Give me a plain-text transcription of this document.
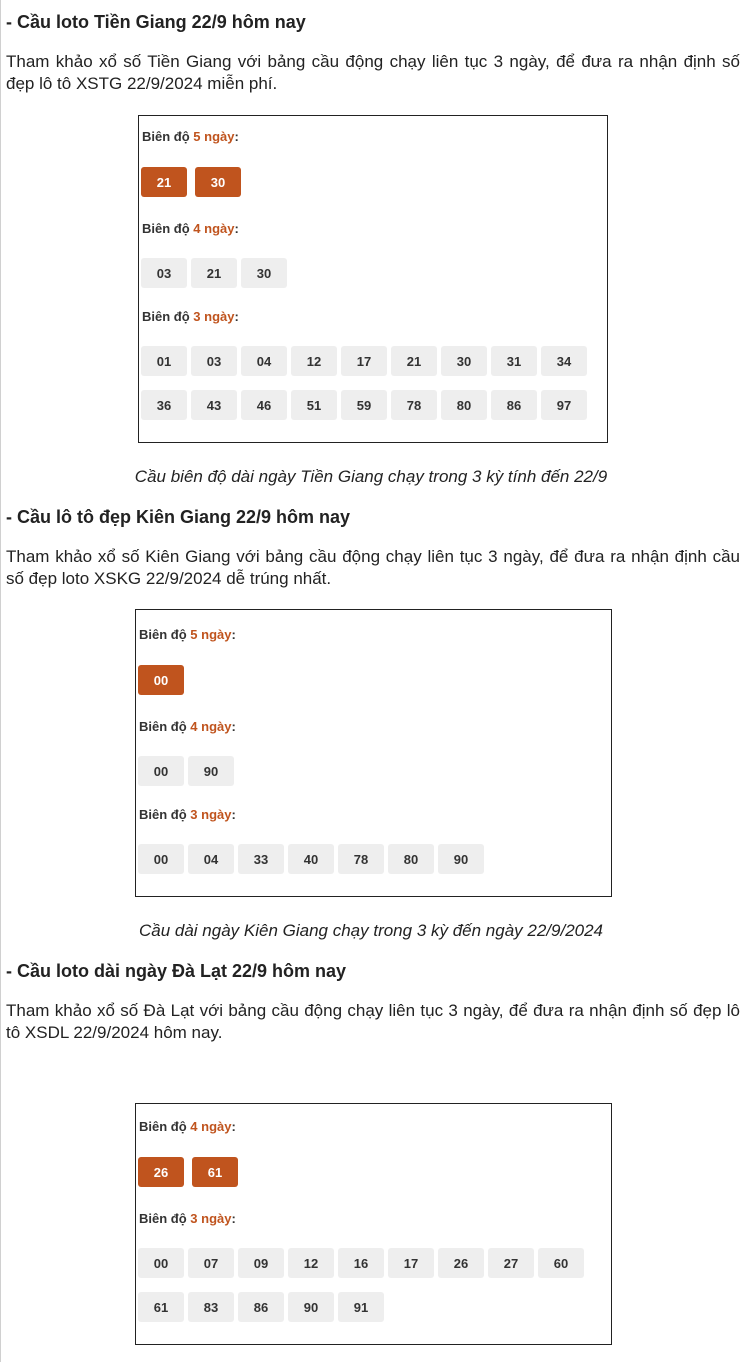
- Cầu loto Tiền Giang 22/9 hôm nay

Tham khảo xổ số Tiền Giang với bảng cầu động chạy liên tục 3 ngày, để đưa ra nhận định số đẹp lô tô XSTG 22/9/2024 miễn phí.

Biên độ 5 ngày:
21	30
Biên độ 4 ngày:
03	21	30
Biên độ 3 ngày:
01	03	04	12	17	21	30	31	34
36	43	46	51	59	78	80	86	97
Cầu biên độ dài ngày Tiền Giang chạy trong 3 kỳ tính đến 22/9
- Cầu lô tô đẹp Kiên Giang 22/9 hôm nay

Tham khảo xổ số Kiên Giang với bảng cầu động chạy liên tục 3 ngày, để đưa ra nhận định cầu số đẹp loto XSKG 22/9/2024 dễ trúng nhất.

Biên độ 5 ngày:
00
Biên độ 4 ngày:
00	90
Biên độ 3 ngày:
00	04	33	40	78	80	90
Cầu dài ngày Kiên Giang chạy trong 3 kỳ đến ngày 22/9/2024
- Cầu loto dài ngày Đà Lạt 22/9 hôm nay

Tham khảo xổ số Đà Lạt với bảng cầu động chạy liên tục 3 ngày, để đưa ra nhận định số đẹp lô tô XSDL 22/9/2024 hôm nay.

Biên độ 4 ngày:
26	61
Biên độ 3 ngày:
00	07	09	12	16	17	26	27	60
61	83	86	90	91
